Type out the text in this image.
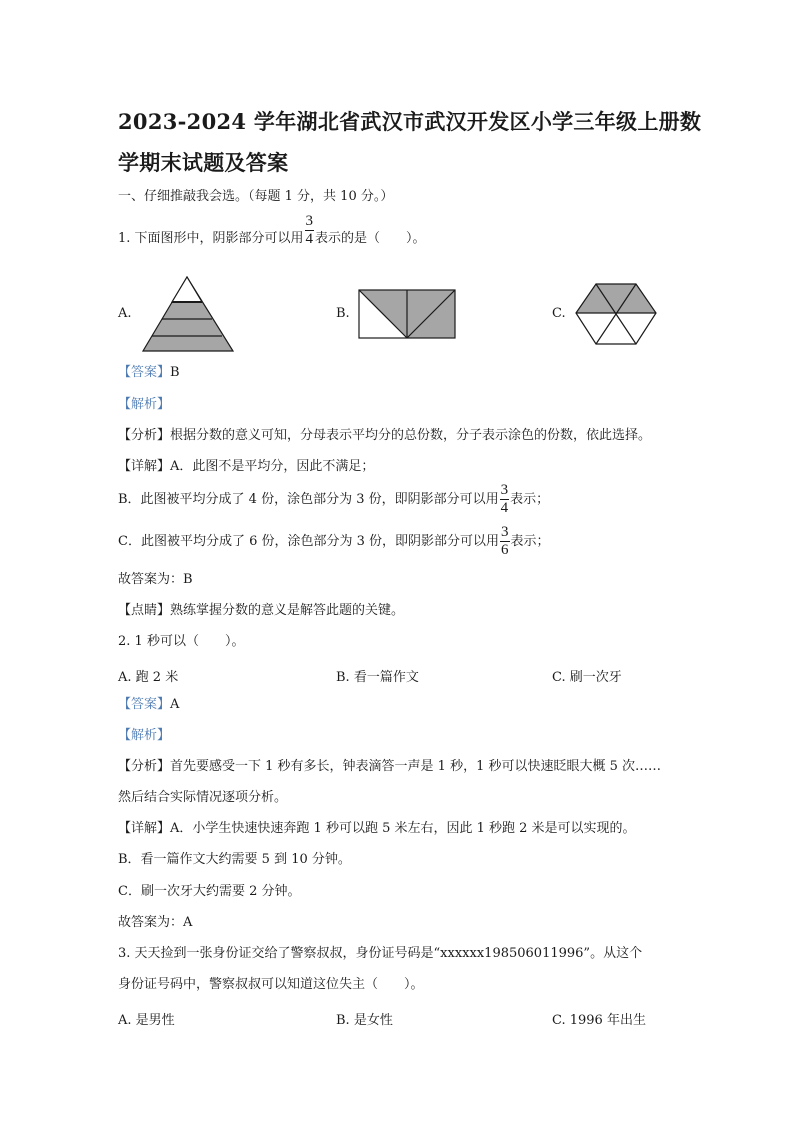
2023-2024 学年湖北省武汉市武汉开发区小学三年级上册数
学期末试题及答案
一、仔细推敲我会选。（每题 1 分，共 10 分。）
1. 下面图形中，阴影部分可以用 $\frac{3}{4}$ 表示的是（　　）。
A.	B.	C.
【答案】B
【解析】
【分析】根据分数的意义可知，分母表示平均分的总份数，分子表示涂色的份数，依此选择。
【详解】A．此图不是平均分，因此不满足；
B．此图被平均分成了 4 份，涂色部分为 3 份，即阴影部分可以用 $\frac{3}{4}$ 表示；
C．此图被平均分成了 6 份，涂色部分为 3 份，即阴影部分可以用 $\frac{3}{6}$ 表示；
故答案为：B
【点睛】熟练掌握分数的意义是解答此题的关键。
2. 1 秒可以（　　）。
A. 跑 2 米	B. 看一篇作文	C. 刷一次牙
【答案】A
【解析】
【分析】首先要感受一下 1 秒有多长，钟表滴答一声是 1 秒，1 秒可以快速眨眼大概 5 次……
然后结合实际情况逐项分析。
【详解】A．小学生快速快速奔跑 1 秒可以跑 5 米左右，因此 1 秒跑 2 米是可以实现的。
B．看一篇作文大约需要 5 到 10 分钟。
C．刷一次牙大约需要 2 分钟。
故答案为：A
3. 天天捡到一张身份证交给了警察叔叔，身份证号码是“xxxxxx198506011996”。从这个
身份证号码中，警察叔叔可以知道这位失主（　　）。
A. 是男性	B. 是女性	C. 1996 年出生
